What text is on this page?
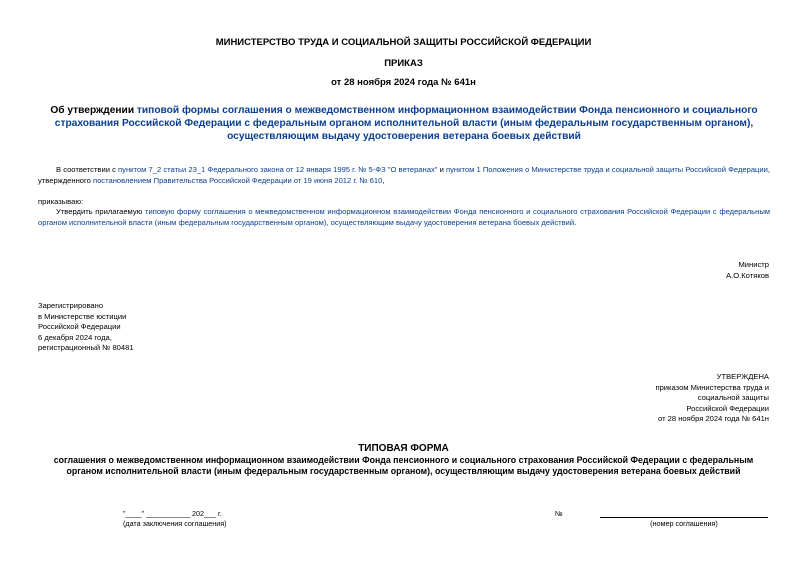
МИНИСТЕРСТВО ТРУДА И СОЦИАЛЬНОЙ ЗАЩИТЫ РОССИЙСКОЙ ФЕДЕРАЦИИ
ПРИКАЗ
от 28 ноября 2024 года № 641н
Об утверждении типовой формы соглашения о межведомственном информационном взаимодействии Фонда пенсионного и социального страхования Российской Федерации с федеральным органом исполнительной власти (иным федеральным государственным органом), осуществляющим выдачу удостоверения ветерана боевых действий
В соответствии с пунктом 7_2 статьи 23_1 Федерального закона от 12 января 1995 г. № 5-ФЗ "О ветеранах" и пунктом 1 Положения о Министерстве труда и социальной защиты Российской Федерации, утвержденного постановлением Правительства Российской Федерации от 19 июня 2012 г. № 610,
приказываю:
Утвердить прилагаемую типовую форму соглашения о межведомственном информационном взаимодействии Фонда пенсионного и социального страхования Российской Федерации с федеральным органом исполнительной власти (иным федеральным государственным органом), осуществляющим выдачу удостоверения ветерана боевых действий.
Министр
А.О.Котяков
Зарегистрировано
в Министерстве юстиции
Российской Федерации
6 декабря 2024 года,
регистрационный № 80481
УТВЕРЖДЕНА
приказом Министерства труда и
социальной защиты
Российской Федерации
от 28 ноября 2024 года № 641н
ТИПОВАЯ ФОРМА
соглашения о межведомственном информационном взаимодействии Фонда пенсионного и социального страхования Российской Федерации с федеральным органом исполнительной власти (иным федеральным государственным органом), осуществляющим выдачу удостоверения ветерана боевых действий
"____" ___________ 202___ г.
(дата заключения соглашения)
№
(номер соглашения)
